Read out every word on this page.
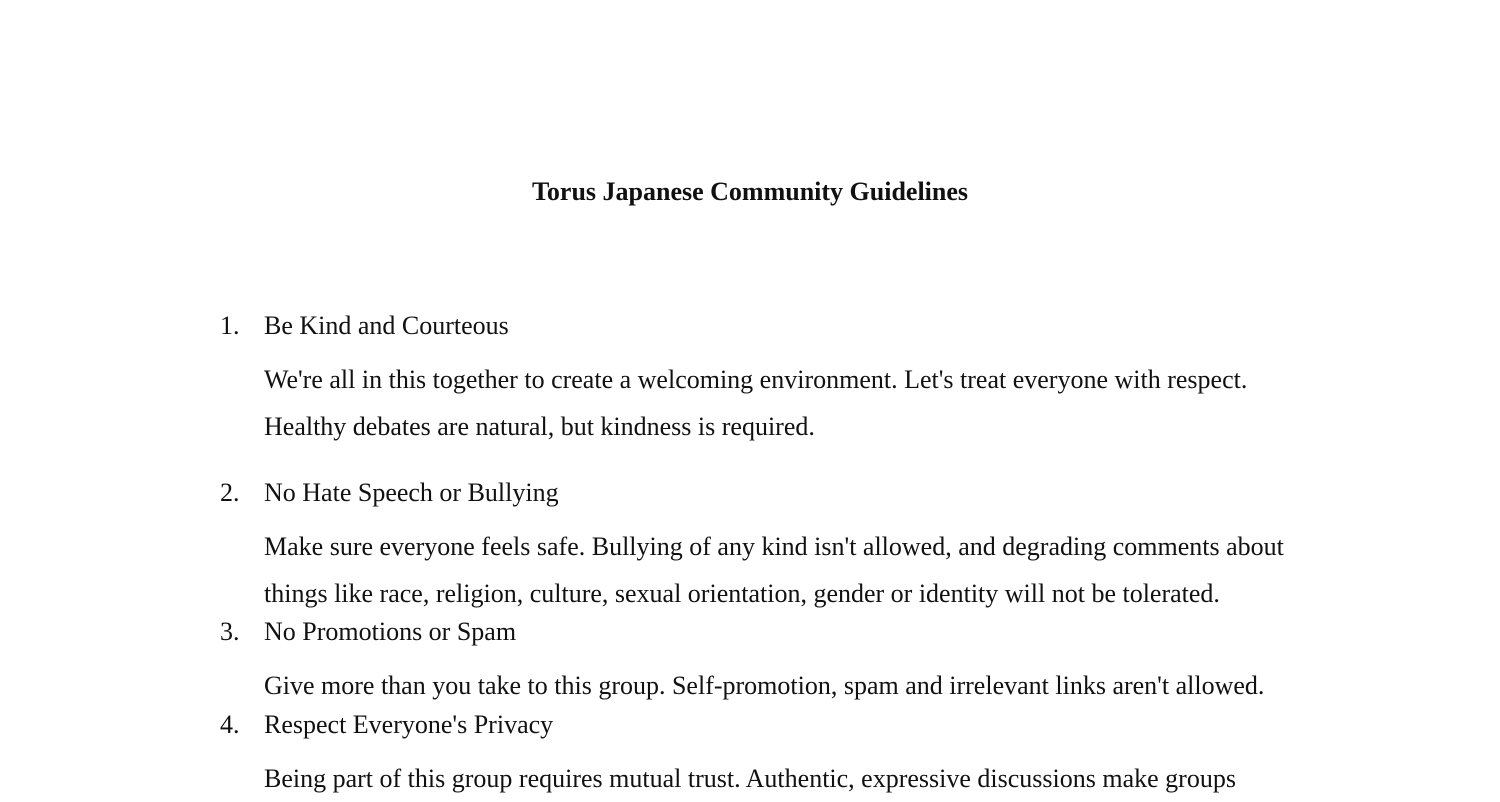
Torus Japanese Community Guidelines
1. Be Kind and Courteous
We're all in this together to create a welcoming environment. Let's treat everyone with respect.
Healthy debates are natural, but kindness is required.
2. No Hate Speech or Bullying
Make sure everyone feels safe. Bullying of any kind isn't allowed, and degrading comments about
things like race, religion, culture, sexual orientation, gender or identity will not be tolerated.
3. No Promotions or Spam
Give more than you take to this group. Self-promotion, spam and irrelevant links aren't allowed.
4. Respect Everyone's Privacy
Being part of this group requires mutual trust. Authentic, expressive discussions make groups
